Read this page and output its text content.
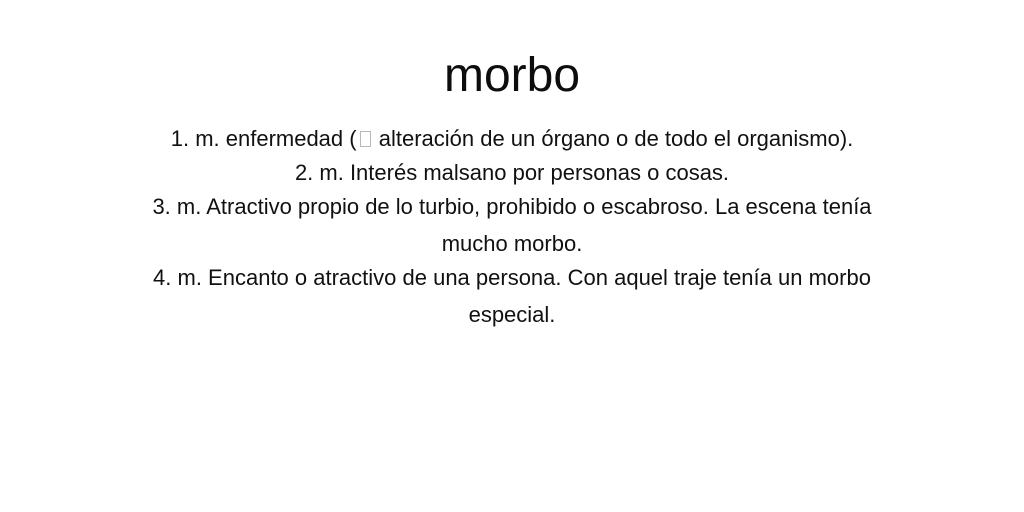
morbo
1. m. enfermedad ( alteración de un órgano o de todo el organismo).
2. m. Interés malsano por personas o cosas.
3. m. Atractivo propio de lo turbio, prohibido o escabroso. La escena tenía
mucho morbo.
4. m. Encanto o atractivo de una persona. Con aquel traje tenía un morbo
especial.
